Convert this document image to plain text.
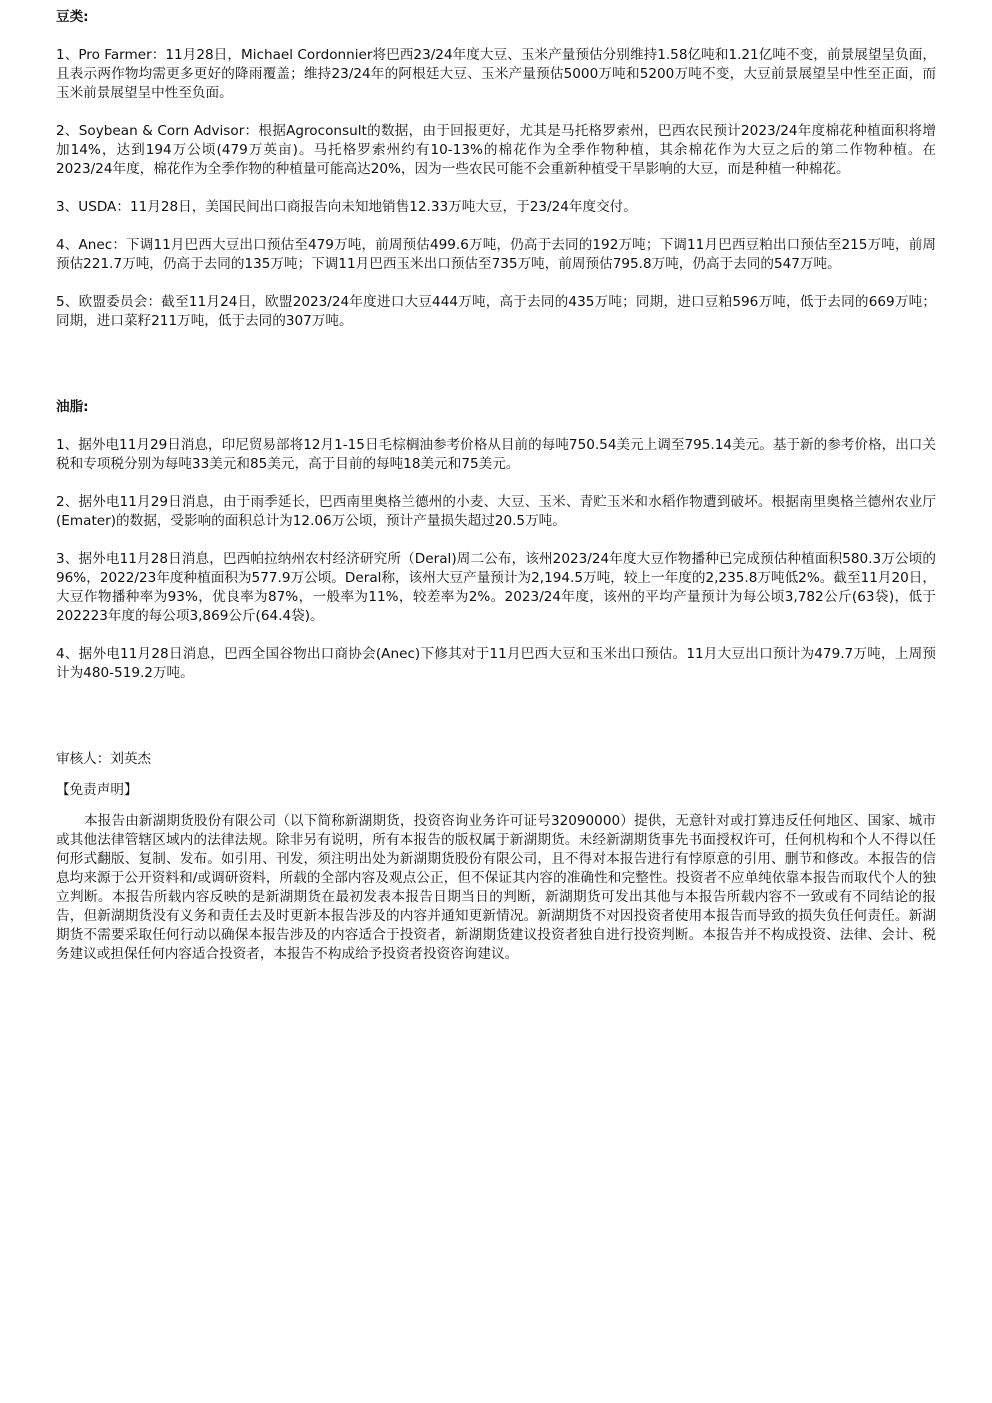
豆类:

1、Pro Farmer：11月28日，Michael Cordonnier将巴西23/24年度大豆、玉米产量预估分别维持1.58亿吨和1.21亿吨不变，前景展望呈负面，且表示两作物均需更多更好的降雨覆盖；维持23/24年的阿根廷大豆、玉米产量预估5000万吨和5200万吨不变，大豆前景展望呈中性至正面，而玉米前景展望呈中性至负面。

2、Soybean & Corn Advisor：根据Agroconsult的数据，由于回报更好，尤其是马托格罗索州，巴西农民预计2023/24年度棉花种植面积将增加14%，达到194万公顷(479万英亩)。马托格罗索州约有10-13%的棉花作为全季作物种植，其余棉花作为大豆之后的第二作物种植。在2023/24年度，棉花作为全季作物的种植量可能高达20%，因为一些农民可能不会重新种植受干旱影响的大豆，而是种植一种棉花。

3、USDA：11月28日，美国民间出口商报告向未知地销售12.33万吨大豆，于23/24年度交付。

4、Anec：下调11月巴西大豆出口预估至479万吨，前周预估499.6万吨，仍高于去同的192万吨；下调11月巴西豆粕出口预估至215万吨，前周预估221.7万吨，仍高于去同的135万吨；下调11月巴西玉米出口预估至735万吨，前周预估795.8万吨，仍高于去同的547万吨。

5、欧盟委员会：截至11月24日，欧盟2023/24年度进口大豆444万吨，高于去同的435万吨；同期，进口豆粕596万吨，低于去同的669万吨；同期，进口菜籽211万吨，低于去同的307万吨。

油脂:

1、据外电11月29日消息，印尼贸易部将12月1-15日毛棕榈油参考价格从目前的每吨750.54美元上调至795.14美元。基于新的参考价格，出口关税和专项税分别为每吨33美元和85美元，高于目前的每吨18美元和75美元。

2、据外电11月29日消息，由于雨季延长，巴西南里奥格兰德州的小麦、大豆、玉米、青贮玉米和水稻作物遭到破坏。根据南里奥格兰德州农业厅(Emater)的数据，受影响的面积总计为12.06万公顷，预计产量损失超过20.5万吨。

3、据外电11月28日消息，巴西帕拉纳州农村经济研究所（Deral)周二公布，该州2023/24年度大豆作物播种已完成预估种植面积580.3万公顷的96%，2022/23年度种植面积为577.9万公顷。Deral称，该州大豆产量预计为2,194.5万吨，较上一年度的2,235.8万吨低2%。截至11月20日，大豆作物播种率为93%，优良率为87%，一般率为11%，较差率为2%。2023/24年度，该州的平均产量预计为每公顷3,782公斤(63袋)，低于202223年度的每公项3,869公斤(64.4袋)。

4、据外电11月28日消息，巴西全国谷物出口商协会(Anec)下修其对于11月巴西大豆和玉米出口预估。11月大豆出口预计为479.7万吨，上周预计为480-519.2万吨。

审核人：刘英杰

【免责声明】

本报告由新湖期货股份有限公司（以下简称新湖期货，投资咨询业务许可证号32090000）提供，无意针对或打算违反任何地区、国家、城市或其他法律管辖区域内的法律法规。除非另有说明，所有本报告的版权属于新湖期货。未经新湖期货事先书面授权许可，任何机构和个人不得以任何形式翻版、复制、发布。如引用、刊发，须注明出处为新湖期货股份有限公司，且不得对本报告进行有悖原意的引用、删节和修改。本报告的信息均来源于公开资料和/或调研资料，所载的全部内容及观点公正，但不保证其内容的准确性和完整性。投资者不应单纯依靠本报告而取代个人的独立判断。本报告所载内容反映的是新湖期货在最初发表本报告日期当日的判断，新湖期货可发出其他与本报告所载内容不一致或有不同结论的报告，但新湖期货没有义务和责任去及时更新本报告涉及的内容并通知更新情况。新湖期货不对因投资者使用本报告而导致的损失负任何责任。新湖期货不需要采取任何行动以确保本报告涉及的内容适合于投资者，新湖期货建议投资者独自进行投资判断。本报告并不构成投资、法律、会计、税务建议或担保任何内容适合投资者，本报告不构成给予投资者投资咨询建议。
